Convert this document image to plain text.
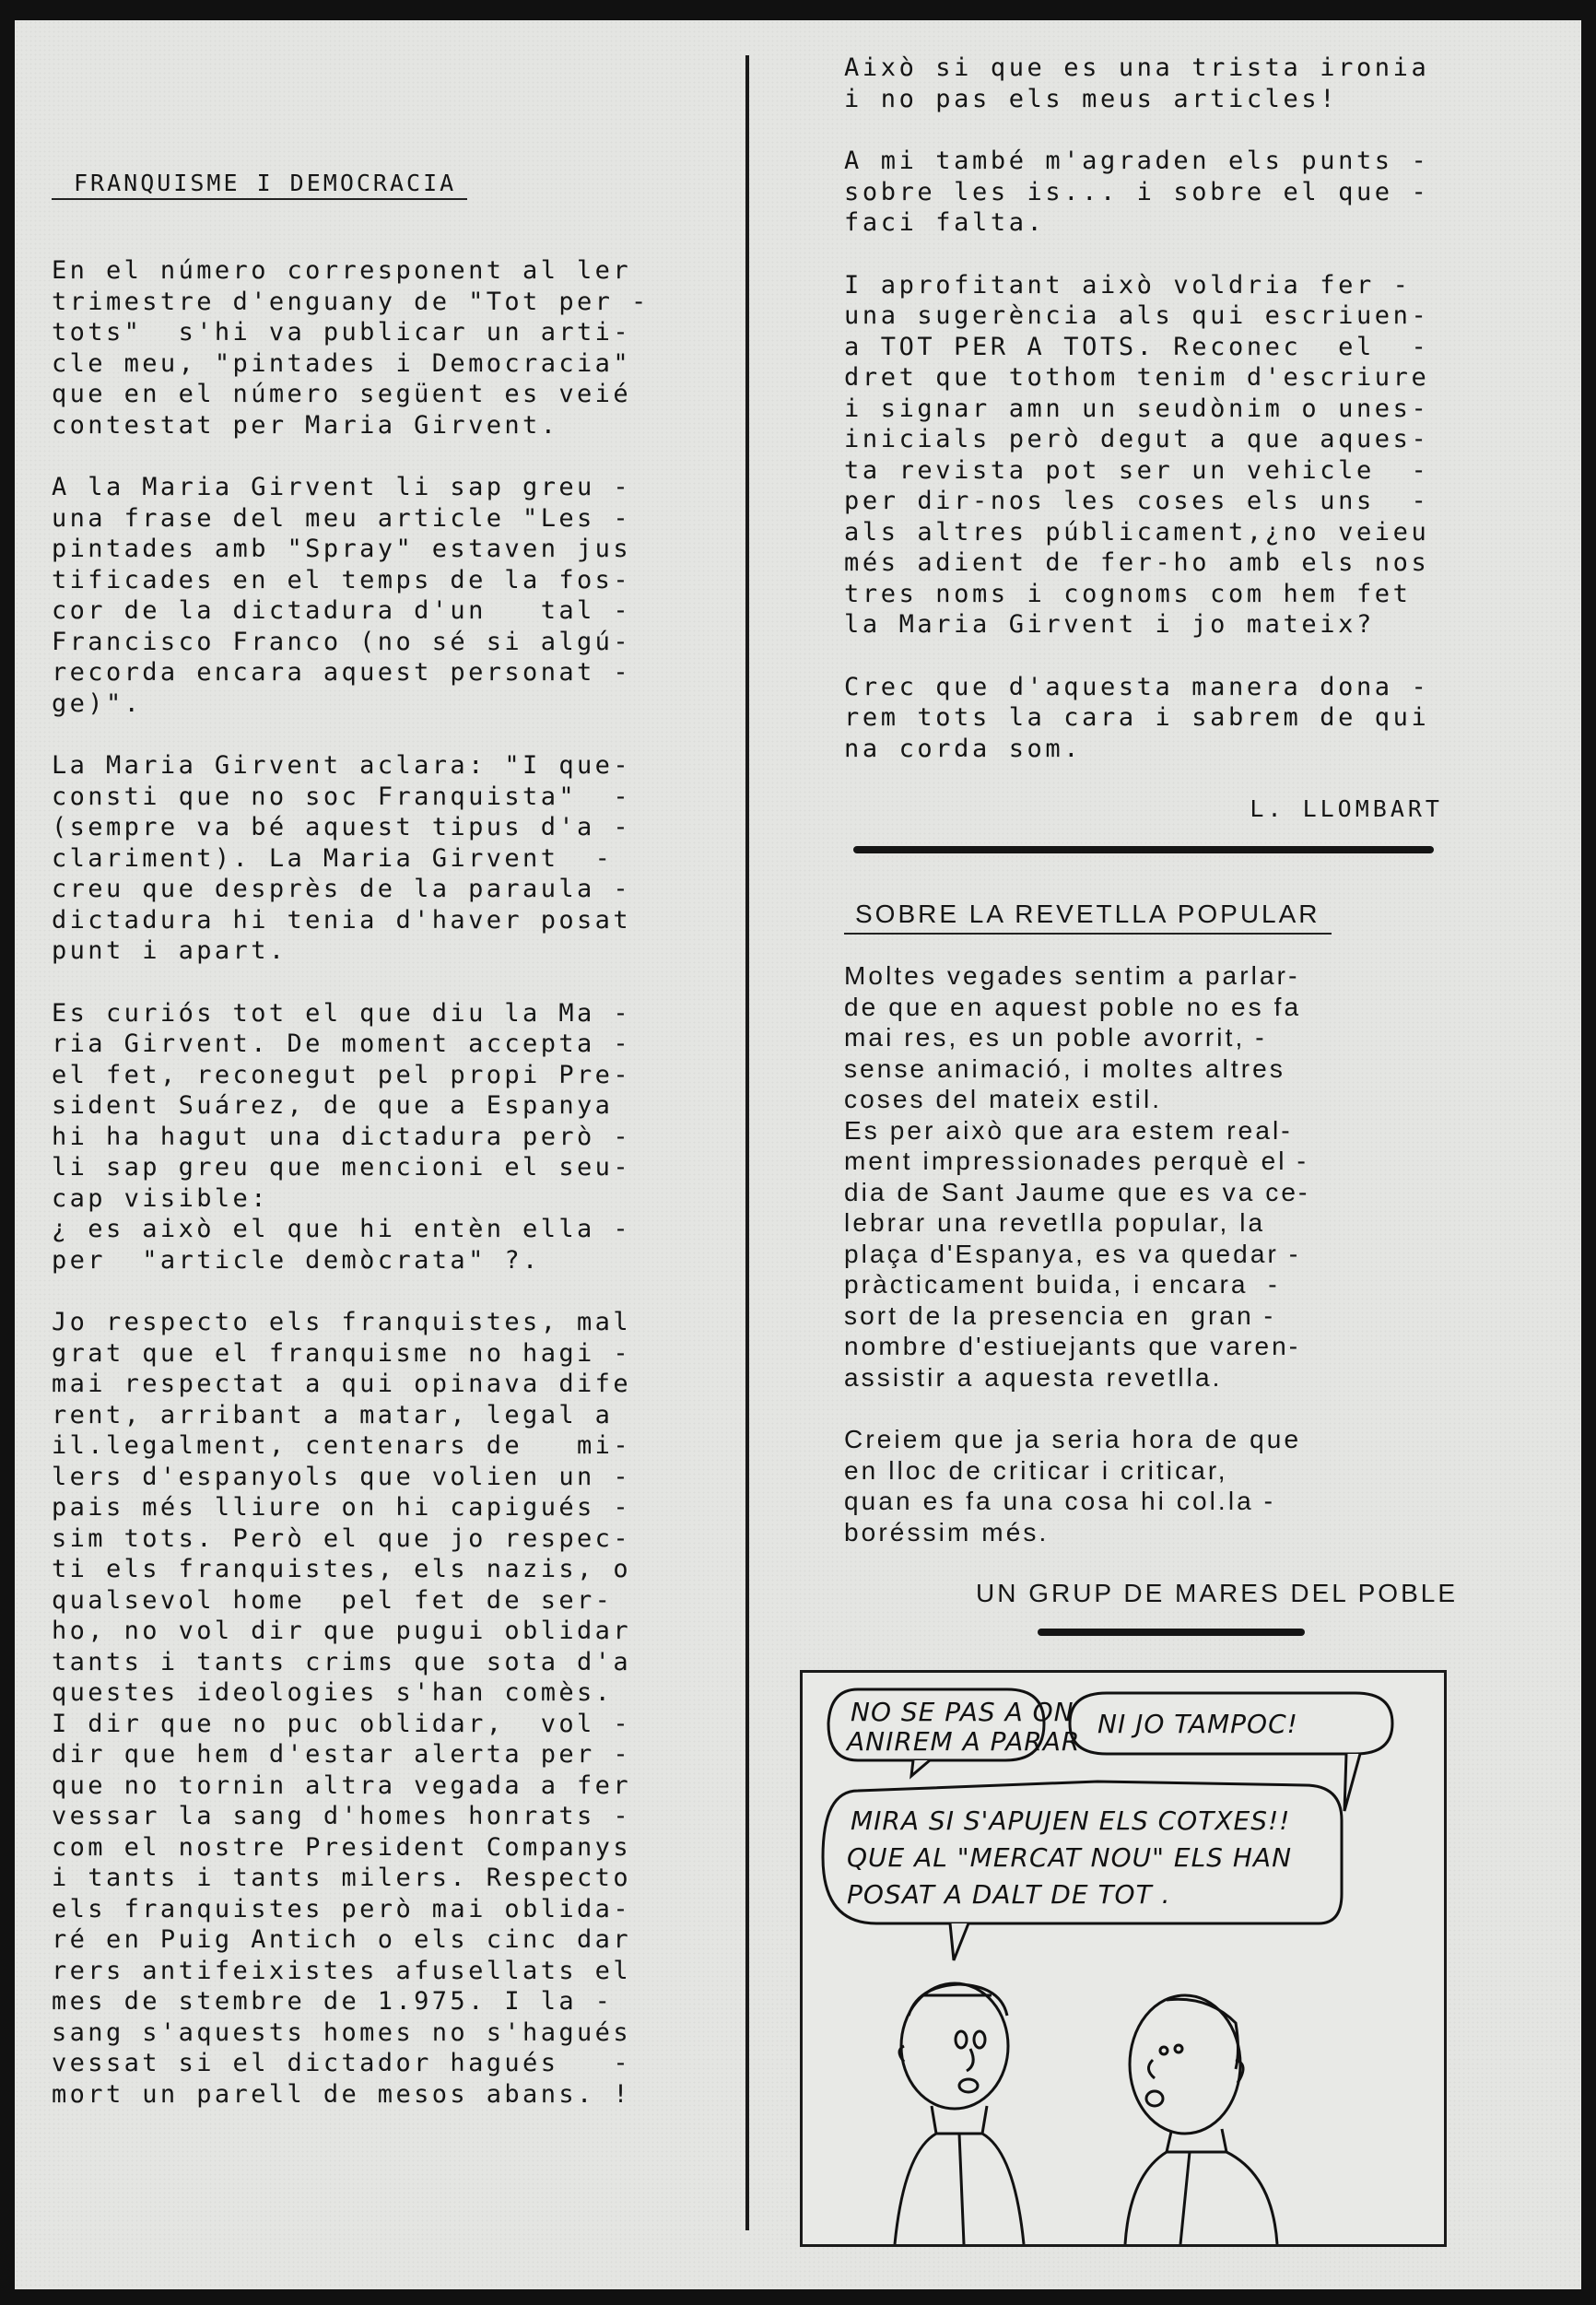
FRANQUISME I DEMOCRACIA

En el número corresponent al ler
trimestre d'enguany de "Tot per -
tots"  s'hi va publicar un arti-
cle meu, "pintades i Democracia"
que en el número següent es veié
contestat per Maria Girvent.

A la Maria Girvent li sap greu -
una frase del meu article "Les -
pintades amb "Spray" estaven jus
tificades en el temps de la fos-
cor de la dictadura d'un   tal -
Francisco Franco (no sé si algú-
recorda encara aquest personat -
ge)".

La Maria Girvent aclara: "I que-
consti que no soc Franquista"  -
(sempre va bé aquest tipus d'a -
clariment). La Maria Girvent  -
creu que desprès de la paraula -
dictadura hi tenia d'haver posat
punt i apart.

Es curiós tot el que diu la Ma -
ria Girvent. De moment accepta -
el fet, reconegut pel propi Pre-
sident Suárez, de que a Espanya
hi ha hagut una dictadura però -
li sap greu que mencioni el seu-
cap visible:
¿ es això el que hi entèn ella -
per  "article demòcrata" ?.

Jo respecto els franquistes, mal
grat que el franquisme no hagi -
mai respectat a qui opinava dife
rent, arribant a matar, legal a
il.legalment, centenars de   mi-
lers d'espanyols que volien un -
pais més lliure on hi capigués -
sim tots. Però el que jo respec-
ti els franquistes, els nazis, o
qualsevol home  pel fet de ser-
ho, no vol dir que pugui oblidar
tants i tants crims que sota d'a
questes ideologies s'han comès.
I dir que no puc oblidar,  vol -
dir que hem d'estar alerta per -
que no tornin altra vegada a fer
vessar la sang d'homes honrats -
com el nostre President Companys
i tants i tants milers. Respecto
els franquistes però mai oblida-
ré en Puig Antich o els cinc dar
rers antifeixistes afusellats el
mes de stembre de 1.975. I la -
sang s'aquests homes no s'hagués
vessat si el dictador hagués   -
mort un parell de mesos abans. !

Això si que es una trista ironia
i no pas els meus articles!

A mi també m'agraden els punts -
sobre les is... i sobre el que -
faci falta.

I aprofitant això voldria fer -
una sugerència als qui escriuen-
a TOT PER A TOTS. Reconec  el  -
dret que tothom tenim d'escriure
i signar amn un seudònim o unes-
inicials però degut a que aques-
ta revista pot ser un vehicle  -
per dir-nos les coses els uns  -
als altres públicament,¿no veieu
més adient de fer-ho amb els nos
tres noms i cognoms com hem fet
la Maria Girvent i jo mateix?

Crec que d'aquesta manera dona -
rem tots la cara i sabrem de qui
na corda som.

L. LLOMBART
SOBRE LA REVETLLA POPULAR

Moltes vegades sentim a parlar-
de que en aquest poble no es fa
mai res, es un poble avorrit, -
sense animació, i moltes altres
coses del mateix estil.
Es per això que ara estem real-
ment impressionades perquè el -
dia de Sant Jaume que es va ce-
lebrar una revetlla popular, la
plaça d'Espanya, es va quedar -
pràcticament buida, i encara  -
sort de la presencia en  gran -
nombre d'estiuejants que varen-
assistir a aquesta revetlla.

Creiem que ja seria hora de que
en lloc de criticar i criticar,
quan es fa una cosa hi col.la -
boréssim més.

UN GRUP DE MARES DEL POBLE
NO SE PAS A ON
ANIREM A PARAR
NI JO TAMPOC!
MIRA SI S'APUJEN ELS COTXES!!
QUE AL "MERCAT NOU" ELS HAN
POSAT A DALT DE TOT .
